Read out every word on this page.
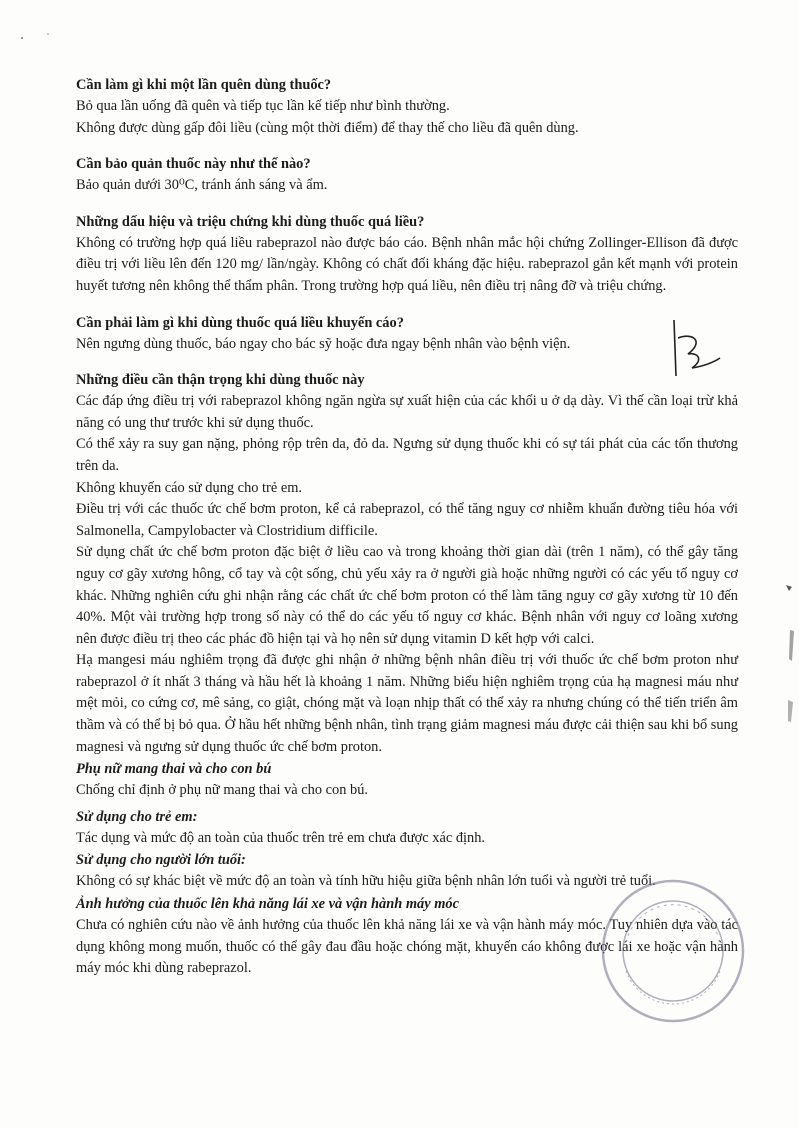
Cần làm gì khi một lần quên dùng thuốc?

Bỏ qua lần uống đã quên và tiếp tục lần kế tiếp như bình thường.

Không được dùng gấp đôi liều (cùng một thời điểm) để thay thế cho liều đã quên dùng.

Cần bảo quản thuốc này như thế nào?

Bảo quản dưới 30⁰C, tránh ánh sáng và ẩm.

Những dấu hiệu và triệu chứng khi dùng thuốc quá liều?

Không có trường hợp quá liều rabeprazol nào được báo cáo. Bệnh nhân mắc hội chứng Zollinger-Ellison đã được điều trị với liều lên đến 120 mg/ lần/ngày. Không có chất đối kháng đặc hiệu. rabeprazol gắn kết mạnh với protein huyết tương nên không thể thẩm phân. Trong trường hợp quá liều, nên điều trị nâng đỡ và triệu chứng.

Cần phải làm gì khi dùng thuốc quá liều khuyến cáo?

Nên ngưng dùng thuốc, báo ngay cho bác sỹ hoặc đưa ngay bệnh nhân vào bệnh viện.

Những điều cần thận trọng khi dùng thuốc này

Các đáp ứng điều trị với rabeprazol không ngăn ngừa sự xuất hiện của các khối u ở dạ dày. Vì thế cần loại trừ khả năng có ung thư trước khi sử dụng thuốc.

Có thể xảy ra suy gan nặng, phỏng rộp trên da, đỏ da. Ngưng sử dụng thuốc khi có sự tái phát của các tổn thương trên da.

Không khuyến cáo sử dụng cho trẻ em.

Điều trị với các thuốc ức chế bơm proton, kể cả rabeprazol, có thể tăng nguy cơ nhiễm khuẩn đường tiêu hóa với Salmonella, Campylobacter và Clostridium difficile.

Sử dụng chất ức chế bơm proton đặc biệt ở liều cao và trong khoảng thời gian dài (trên 1 năm), có thể gây tăng nguy cơ gãy xương hông, cổ tay và cột sống, chủ yếu xảy ra ở người già hoặc những người có các yếu tố nguy cơ khác. Những nghiên cứu ghi nhận rằng các chất ức chế bơm proton có thể làm tăng nguy cơ gãy xương từ 10 đến 40%. Một vài trường hợp trong số này có thể do các yếu tố nguy cơ khác. Bệnh nhân với nguy cơ loãng xương nên được điều trị theo các phác đồ hiện tại và họ nên sử dụng vitamin D kết hợp với calci.

Hạ mangesi máu nghiêm trọng đã được ghi nhận ở những bệnh nhân điều trị với thuốc ức chế bơm proton như rabeprazol ở ít nhất 3 tháng và hầu hết là khoảng 1 năm. Những biểu hiện nghiêm trọng của hạ magnesi máu như mệt mỏi, co cứng cơ, mê sảng, co giật, chóng mặt và loạn nhịp thất có thể xảy ra nhưng chúng có thể tiến triển âm thầm và có thể bị bỏ qua. Ở hầu hết những bệnh nhân, tình trạng giảm magnesi máu được cải thiện sau khi bổ sung magnesi và ngưng sử dụng thuốc ức chế bơm proton.

Phụ nữ mang thai và cho con bú

Chống chỉ định ở phụ nữ mang thai và cho con bú.

Sử dụng cho trẻ em:

Tác dụng và mức độ an toàn của thuốc trên trẻ em chưa được xác định.

Sử dụng cho người lớn tuổi:

Không có sự khác biệt về mức độ an toàn và tính hữu hiệu giữa bệnh nhân lớn tuổi và người trẻ tuổi.

Ảnh hưởng của thuốc lên khả năng lái xe và vận hành máy móc

Chưa có nghiên cứu nào về ảnh hưởng của thuốc lên khả năng lái xe và vận hành máy móc. Tuy nhiên dựa vào tác dụng không mong muốn, thuốc có thể gây đau đầu hoặc chóng mặt, khuyến cáo không được lái xe hoặc vận hành máy móc khi dùng rabeprazol.
